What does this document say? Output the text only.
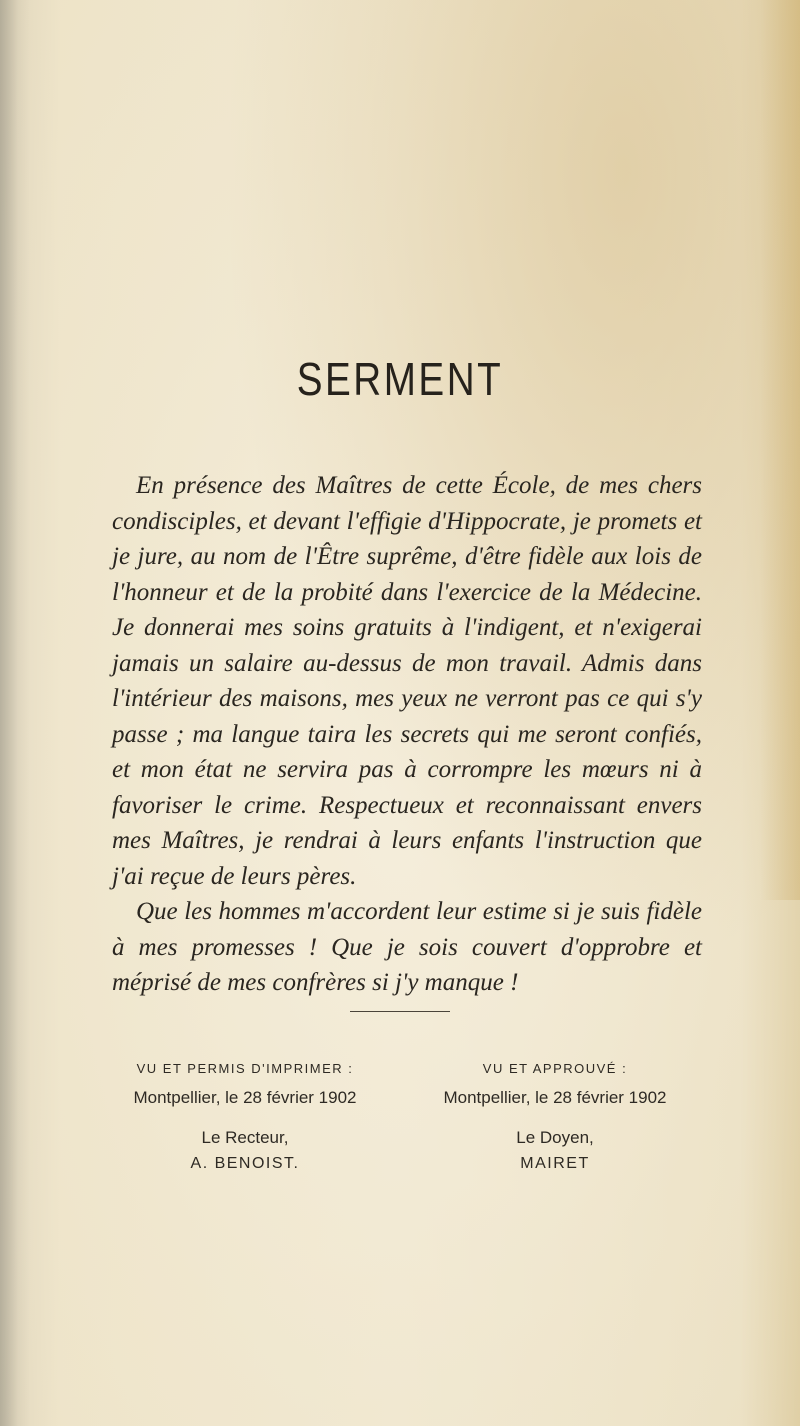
SERMENT

En présence des Maîtres de cette École, de mes chers condisciples, et devant l'effigie d'Hippocrate, je promets et je jure, au nom de l'Être suprême, d'être fidèle aux lois de l'honneur et de la probité dans l'exercice de la Médecine. Je donnerai mes soins gratuits à l'indigent, et n'exigerai jamais un salaire au-dessus de mon travail. Admis dans l'intérieur des maisons, mes yeux ne verront pas ce qui s'y passe ; ma langue taira les secrets qui me seront confiés, et mon état ne servira pas à corrompre les mœurs ni à favoriser le crime. Respectueux et reconnaissant envers mes Maîtres, je rendrai à leurs enfants l'instruction que j'ai reçue de leurs pères.

Que les hommes m'accordent leur estime si je suis fidèle à mes promesses ! Que je sois couvert d'opprobre et méprisé de mes confrères si j'y manque !

VU ET PERMIS D'IMPRIMER :
Montpellier, le 28 février 1902
Le Recteur,
A. BENOIST.
VU ET APPROUVÉ :
Montpellier, le 28 février 1902
Le Doyen,
MAIRET
